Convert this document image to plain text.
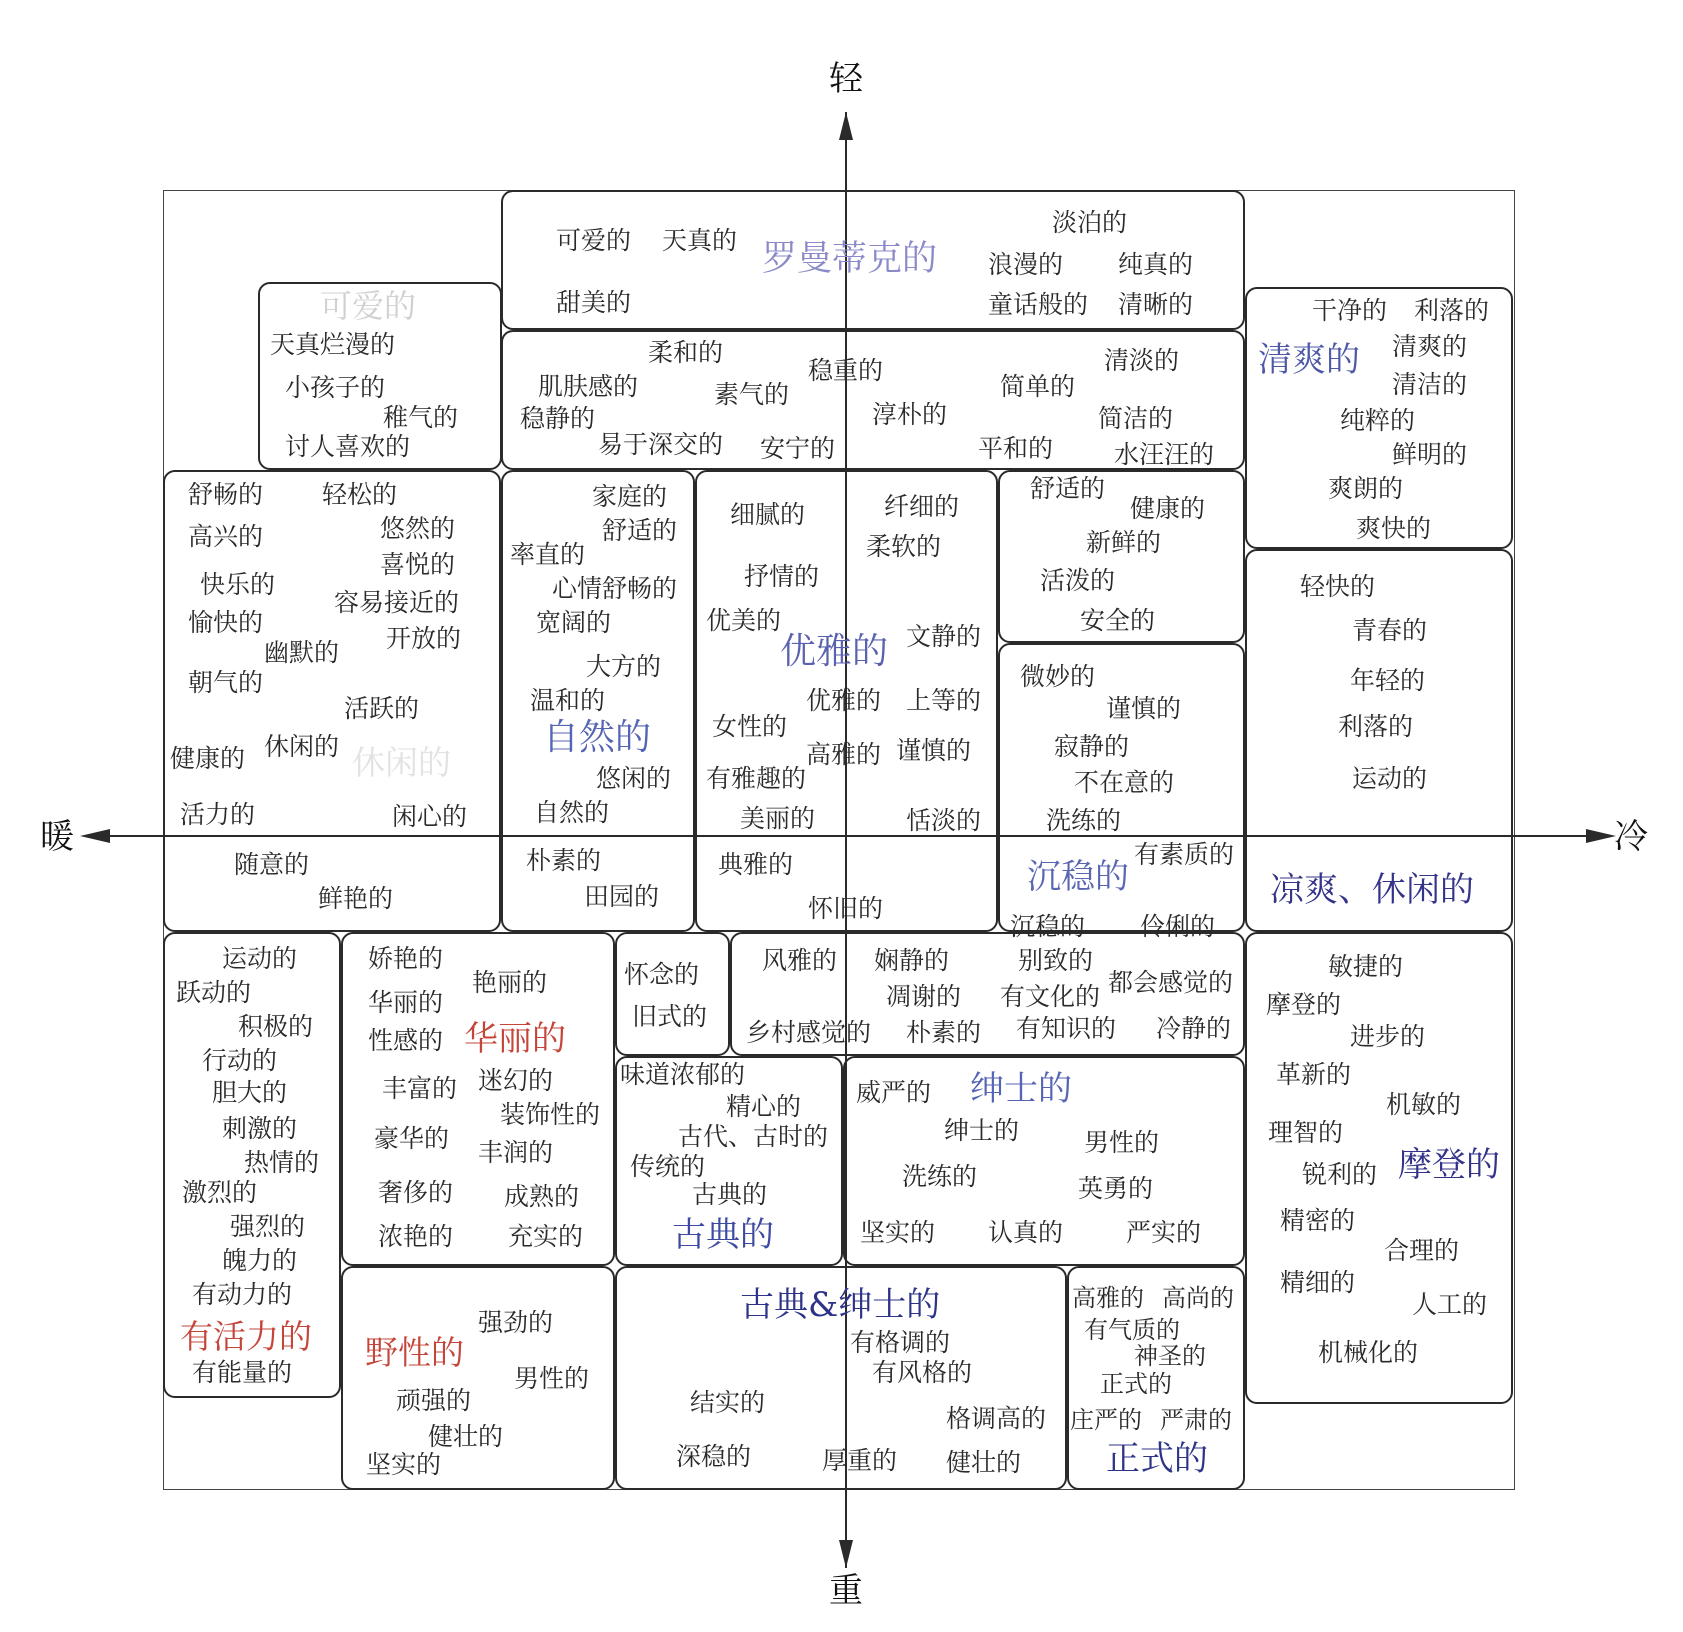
轻
重
暖	冷
罗曼蒂克的
可爱的
清爽的
休闲的
自然的
优雅的
沉稳的	凉爽、休闲的
有活力的
华丽的
摩登的
古典的
绅士的
野性的
古典&绅士的
正式的
可爱的 天真的
甜美的
淡泊的
浪漫的 纯真的
童话般的 清晰的
天真烂漫的
小孩子的
稚气的
讨人喜欢的
柔和的
稳重的	清淡的
肌肤感的	素气的	简单的
稳静的	淳朴的	简洁的
易于深交的 安宁的	平和的 水汪汪的
干净的 利落的
清爽的
清洁的
纯粹的
鲜明的
爽朗的
爽快的
舒畅的 轻松的
高兴的	悠然的
喜悦的
快乐的
容易接近的
愉快的
开放的
幽默的
朝气的
活跃的
健康的 休闲的
活力的	闲心的
随意的
鲜艳的
家庭的
舒适的
率直的
心情舒畅的
宽阔的
大方的
温和的
悠闲的
自然的
朴素的
田园的
细腻的	纤细的
柔软的
抒情的
优美的
文静的
女性的
优雅的 上等的
高雅的 谨慎的
有雅趣的
美丽的	恬淡的
典雅的
怀旧的
舒适的
健康的
新鲜的
活泼的
安全的
微妙的
谨慎的
寂静的
不在意的
洗练的
有素质的
沉稳的 伶俐的
轻快的
青春的
年轻的
利落的
运动的
运动的
跃动的
积极的
行动的
胆大的
刺激的
热情的
激烈的
强烈的
魄力的
有动力的
有能量的
娇艳的
艳丽的
华丽的
性感的
丰富的 迷幻的
装饰性的
豪华的 丰润的
奢侈的 成熟的
浓艳的 充实的
怀念的
旧式的
风雅的 娴静的	别致的
凋谢的 有文化的 都会感觉的
乡村感觉的 朴素的 有知识的 冷静的
敏捷的
摩登的
进步的
革新的
机敏的
理智的
锐利的
精密的
合理的
精细的
人工的
机械化的
味道浓郁的
精心的
古代、古时的
传统的
古典的
威严的
绅士的	男性的
洗练的	英勇的
坚实的 认真的	严实的
强劲的
男性的
顽强的
健壮的
坚实的
有格调的
有风格的
结实的
格调高的
深稳的	厚重的 健壮的
高雅的 高尚的
有气质的
神圣的
正式的
庄严的 严肃的
